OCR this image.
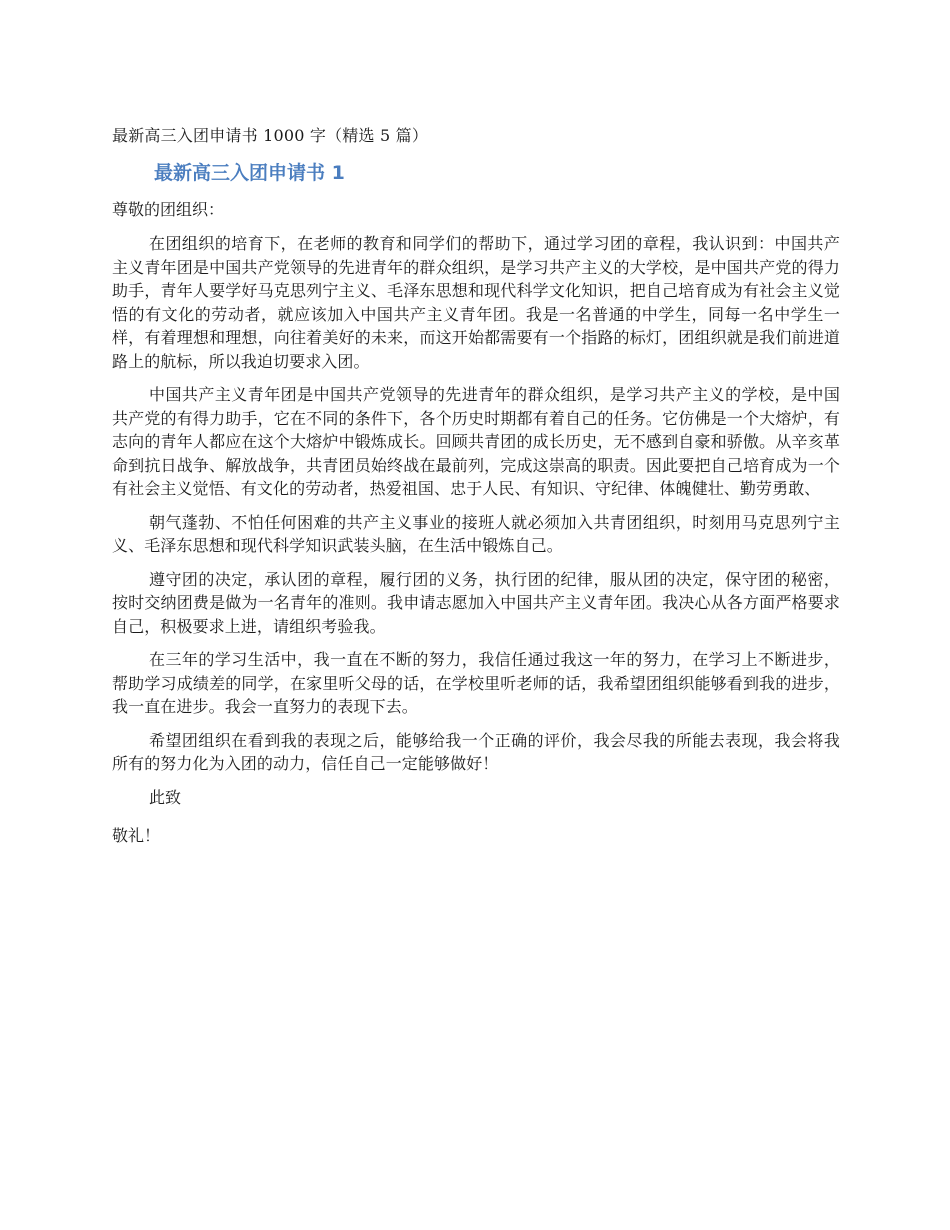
最新高三入团申请书 1000 字（精选 5 篇）
最新高三入团申请书 1
尊敬的团组织：

在团组织的培育下，在老师的教育和同学们的帮助下，通过学习团的章程，我认识到：中国共产主义青年团是中国共产党领导的先进青年的群众组织，是学习共产主义的大学校，是中国共产党的得力助手，青年人要学好马克思列宁主义、毛泽东思想和现代科学文化知识，把自己培育成为有社会主义觉悟的有文化的劳动者，就应该加入中国共产主义青年团。我是一名普通的中学生，同每一名中学生一样，有着理想和理想，向往着美好的未来，而这开始都需要有一个指路的标灯，团组织就是我们前进道路上的航标，所以我迫切要求入团。

中国共产主义青年团是中国共产党领导的先进青年的群众组织，是学习共产主义的学校，是中国共产党的有得力助手，它在不同的条件下，各个历史时期都有着自己的任务。它仿佛是一个大熔炉，有志向的青年人都应在这个大熔炉中锻炼成长。回顾共青团的成长历史，无不感到自豪和骄傲。从辛亥革命到抗日战争、解放战争，共青团员始终战在最前列，完成这崇高的职责。因此要把自己培育成为一个有社会主义觉悟、有文化的劳动者，热爱祖国、忠于人民、有知识、守纪律、体魄健壮、勤劳勇敢、

朝气蓬勃、不怕任何困难的共产主义事业的接班人就必须加入共青团组织，时刻用马克思列宁主义、毛泽东思想和现代科学知识武装头脑，在生活中锻炼自己。

遵守团的决定，承认团的章程，履行团的义务，执行团的纪律，服从团的决定，保守团的秘密，按时交纳团费是做为一名青年的准则。我申请志愿加入中国共产主义青年团。我决心从各方面严格要求自己，积极要求上进，请组织考验我。

在三年的学习生活中，我一直在不断的努力，我信任通过我这一年的努力，在学习上不断进步，帮助学习成绩差的同学，在家里听父母的话，在学校里听老师的话，我希望团组织能够看到我的进步，我一直在进步。我会一直努力的表现下去。

希望团组织在看到我的表现之后，能够给我一个正确的评价，我会尽我的所能去表现，我会将我所有的努力化为入团的动力，信任自己一定能够做好！

此致
敬礼！
